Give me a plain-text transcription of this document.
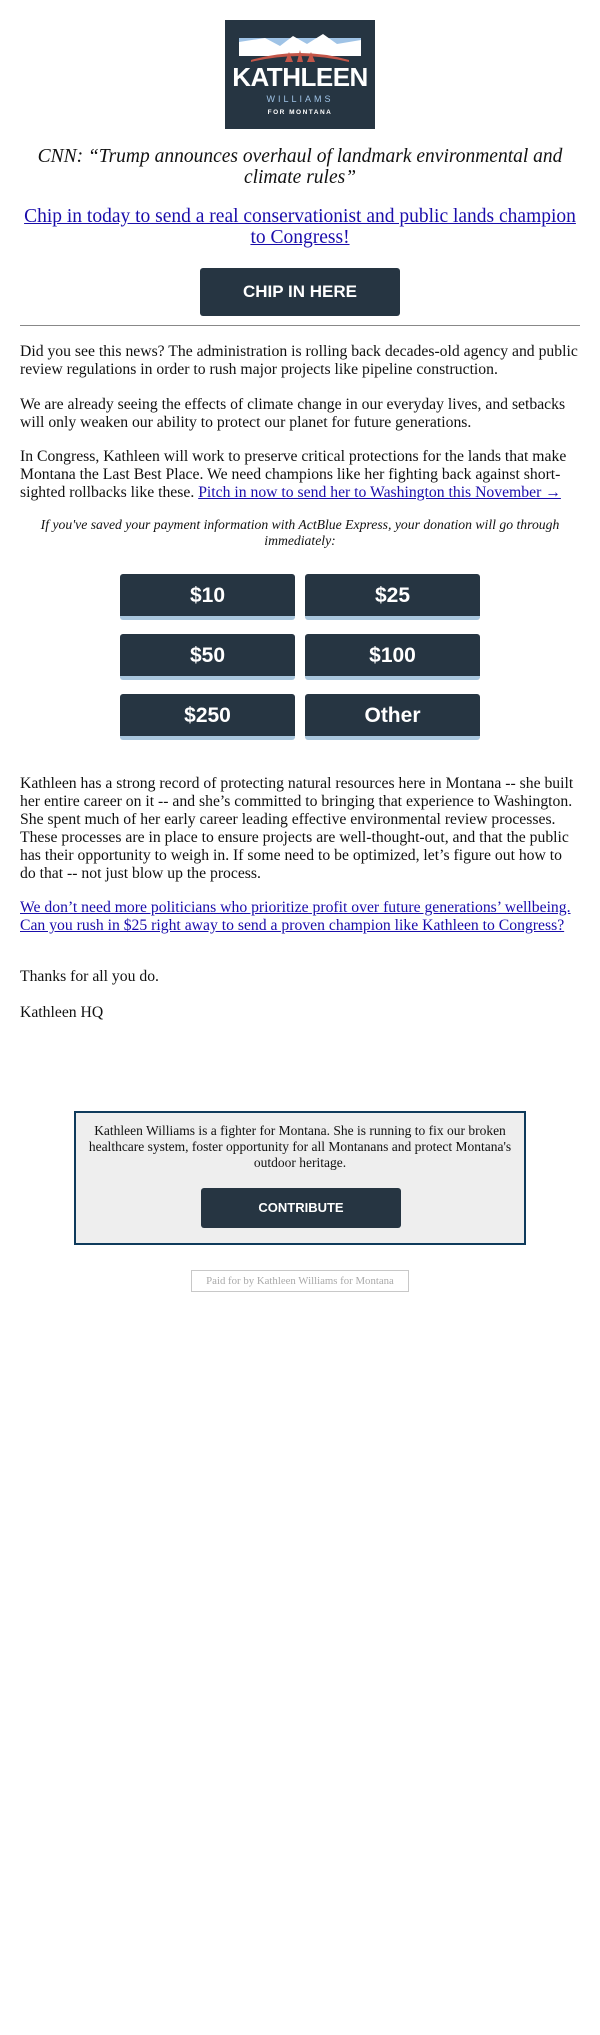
KATHLEEN
WILLIAMS
FOR MONTANA
CNN: “Trump announces overhaul of landmark environmental and climate rules”
Chip in today to send a real conservationist and public lands champion to Congress!
CHIP IN HERE
Did you see this news? The administration is rolling back decades-old agency and public review regulations in order to rush major projects like pipeline construction.
We are already seeing the effects of climate change in our everyday lives, and setbacks will only weaken our ability to protect our planet for future generations.
In Congress, Kathleen will work to preserve critical protections for the lands that make Montana the Last Best Place. We need champions like her fighting back against short-sighted rollbacks like these. Pitch in now to send her to Washington this November →
If you've saved your payment information with ActBlue Express, your donation will go through immediately:
$10	$25
$50	$100
$250	Other
Kathleen has a strong record of protecting natural resources here in Montana -- she built her entire career on it -- and she’s committed to bringing that experience to Washington. She spent much of her early career leading effective environmental review processes. These processes are in place to ensure projects are well-thought-out, and that the public has their opportunity to weigh in. If some need to be optimized, let’s figure out how to do that -- not just blow up the process.
We don’t need more politicians who prioritize profit over future generations’ wellbeing. Can you rush in $25 right away to send a proven champion like Kathleen to Congress?
Thanks for all you do.
Kathleen HQ
Kathleen Williams is a fighter for Montana. She is running to fix our broken healthcare system, foster opportunity for all Montanans and protect Montana's outdoor heritage.
CONTRIBUTE
Paid for by Kathleen Williams for Montana
